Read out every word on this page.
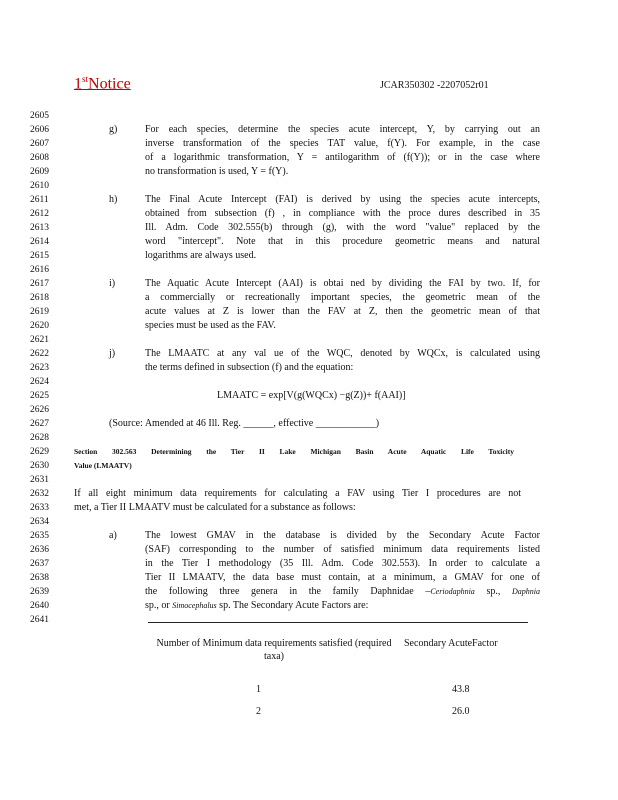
1stNotice	JCAR350302 -2207052r01
2605
2606
2607
2608
2609
2610
2611
2612
2613
2614
2615
2616
2617
2618
2619
2620
2621
2622
2623
2624
2625
2626
2627
2628
2629
2630
2631
2632
2633
2634
2635
2636
2637
2638
2639
2640
2641
g)	For each species, determine the species acute intercept, Y, by carrying out an
inverse transformation of the species TAT value, f(Y). For example, in the case
of a logarithmic transformation, Y = antilogarithm of (f(Y)); or in the case where
no transformation is used, Y = f(Y).
h)	The Final Acute Intercept (FAI) is derived by using the species acute intercepts,
obtained from subsection (f) , in compliance with the proce dures described in 35
Ill. Adm. Code 302.555(b) through (g), with the word "value" replaced by the
word "intercept". Note that in this procedure geometric means and natural
logarithms are always used.
i)	The Aquatic Acute Intercept (AAI) is obtai ned by dividing the FAI by two. If, for
a commercially or recreationally important species, the geometric mean of the
acute values at Z is lower than the FAV at Z, then the geometric mean of that
species must be used as the FAV.
j)	The LMAATC at any val ue of the WQC, denoted by WQCx, is calculated using
the terms defined in subsection (f) and the equation:
LMAATC = exp[V(g(WQCx) −g(Z))+ f(AAI)]
(Source: Amended at 46 Ill. Reg. ______, effective ____________)
Section 302.563 Determining the Tier II Lake Michigan Basin Acute Aquatic Life Toxicity
Value (LMAATV)
If all eight minimum data requirements for calculating a FAV using Tier I procedures are not
met, a Tier II LMAATV must be calculated for a substance as follows:
a)	The lowest GMAV in the database is divided by the Secondary Acute Factor
(SAF) corresponding to the number of satisfied minimum data requirements listed
in the Tier I methodology (35 Ill. Adm. Code 302.553). In order to calculate a
Tier II LMAATV, the data base must contain, at a minimum, a GMAV for one of
the following three genera in the family Daphnidae –Ceriodaphnia sp., Daphnia
sp., or Simocephalus sp. The Secondary Acute Factors are:
Number of Minimum data requirements satisfied (required taxa)
Secondary AcuteFactor
1	43.8
2	26.0
